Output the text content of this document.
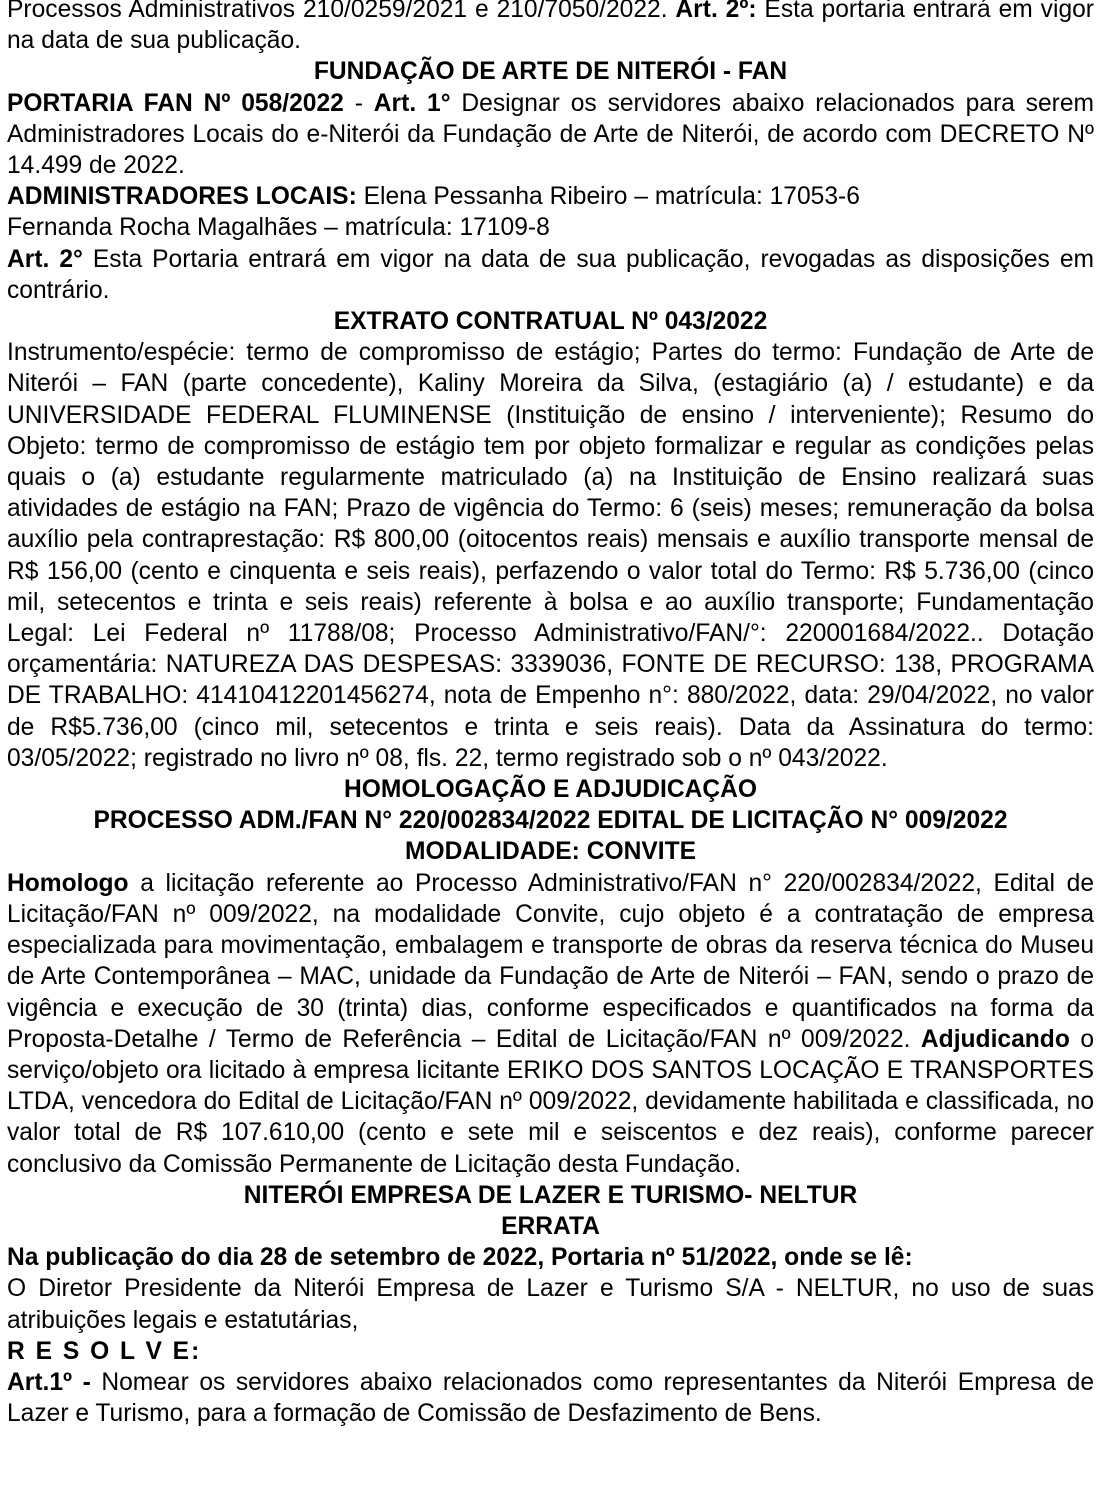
Processos Administrativos 210/0259/2021 e 210/7050/2022. Art. 2º: Esta portaria entrará em vigor na data de sua publicação.

FUNDAÇÃO DE ARTE DE NITERÓI - FAN

PORTARIA FAN Nº 058/2022 - Art. 1° Designar os servidores abaixo relacionados para serem Administradores Locais do e-Niterói da Fundação de Arte de Niterói, de acordo com DECRETO Nº 14.499 de 2022.

ADMINISTRADORES LOCAIS: Elena Pessanha Ribeiro – matrícula: 17053-6

Fernanda Rocha Magalhães – matrícula: 17109-8

Art. 2° Esta Portaria entrará em vigor na data de sua publicação, revogadas as disposições em contrário.

EXTRATO CONTRATUAL Nº 043/2022

Instrumento/espécie: termo de compromisso de estágio; Partes do termo: Fundação de Arte de Niterói – FAN (parte concedente), Kaliny Moreira da Silva, (estagiário (a) / estudante) e da UNIVERSIDADE FEDERAL FLUMINENSE (Instituição de ensino / interveniente); Resumo do Objeto: termo de compromisso de estágio tem por objeto formalizar e regular as condições pelas quais o (a) estudante regularmente matriculado (a) na Instituição de Ensino realizará suas atividades de estágio na FAN; Prazo de vigência do Termo: 6 (seis) meses; remuneração da bolsa auxílio pela contraprestação: R$ 800,00 (oitocentos reais) mensais e auxílio transporte mensal de R$ 156,00 (cento e cinquenta e seis reais), perfazendo o valor total do Termo: R$ 5.736,00 (cinco mil, setecentos e trinta e seis reais) referente à bolsa e ao auxílio transporte; Fundamentação Legal: Lei Federal nº 11788/08; Processo Administrativo/FAN/°: 220001684/2022.. Dotação orçamentária: NATUREZA DAS DESPESAS: 3339036, FONTE DE RECURSO: 138, PROGRAMA DE TRABALHO: 41410412201456274, nota de Empenho n°: 880/2022, data: 29/04/2022, no valor de R$5.736,00 (cinco mil, setecentos e trinta e seis reais). Data da Assinatura do termo: 03/05/2022; registrado no livro nº 08, fls. 22, termo registrado sob o nº 043/2022.

HOMOLOGAÇÃO E ADJUDICAÇÃO

PROCESSO ADM./FAN N° 220/002834/2022 EDITAL DE LICITAÇÃO N° 009/2022

MODALIDADE: CONVITE

Homologo a licitação referente ao Processo Administrativo/FAN n° 220/002834/2022, Edital de Licitação/FAN nº 009/2022, na modalidade Convite, cujo objeto é a contratação de empresa especializada para movimentação, embalagem e transporte de obras da reserva técnica do Museu de Arte Contemporânea – MAC, unidade da Fundação de Arte de Niterói – FAN, sendo o prazo de vigência e execução de 30 (trinta) dias, conforme especificados e quantificados na forma da Proposta-Detalhe / Termo de Referência – Edital de Licitação/FAN nº 009/2022. Adjudicando o serviço/objeto ora licitado à empresa licitante ERIKO DOS SANTOS LOCAÇÃO E TRANSPORTES LTDA, vencedora do Edital de Licitação/FAN nº 009/2022, devidamente habilitada e classificada, no valor total de R$ 107.610,00 (cento e sete mil e seiscentos e dez reais), conforme parecer conclusivo da Comissão Permanente de Licitação desta Fundação.

NITERÓI EMPRESA DE LAZER E TURISMO- NELTUR

ERRATA

Na publicação do dia 28 de setembro de 2022, Portaria nº 51/2022, onde se lê:

O Diretor Presidente da Niterói Empresa de Lazer e Turismo S/A - NELTUR, no uso de suas atribuições legais e estatutárias,

R E S O L V E:

Art.1º - Nomear os servidores abaixo relacionados como representantes da Niterói Empresa de Lazer e Turismo, para a formação de Comissão de Desfazimento de Bens.
